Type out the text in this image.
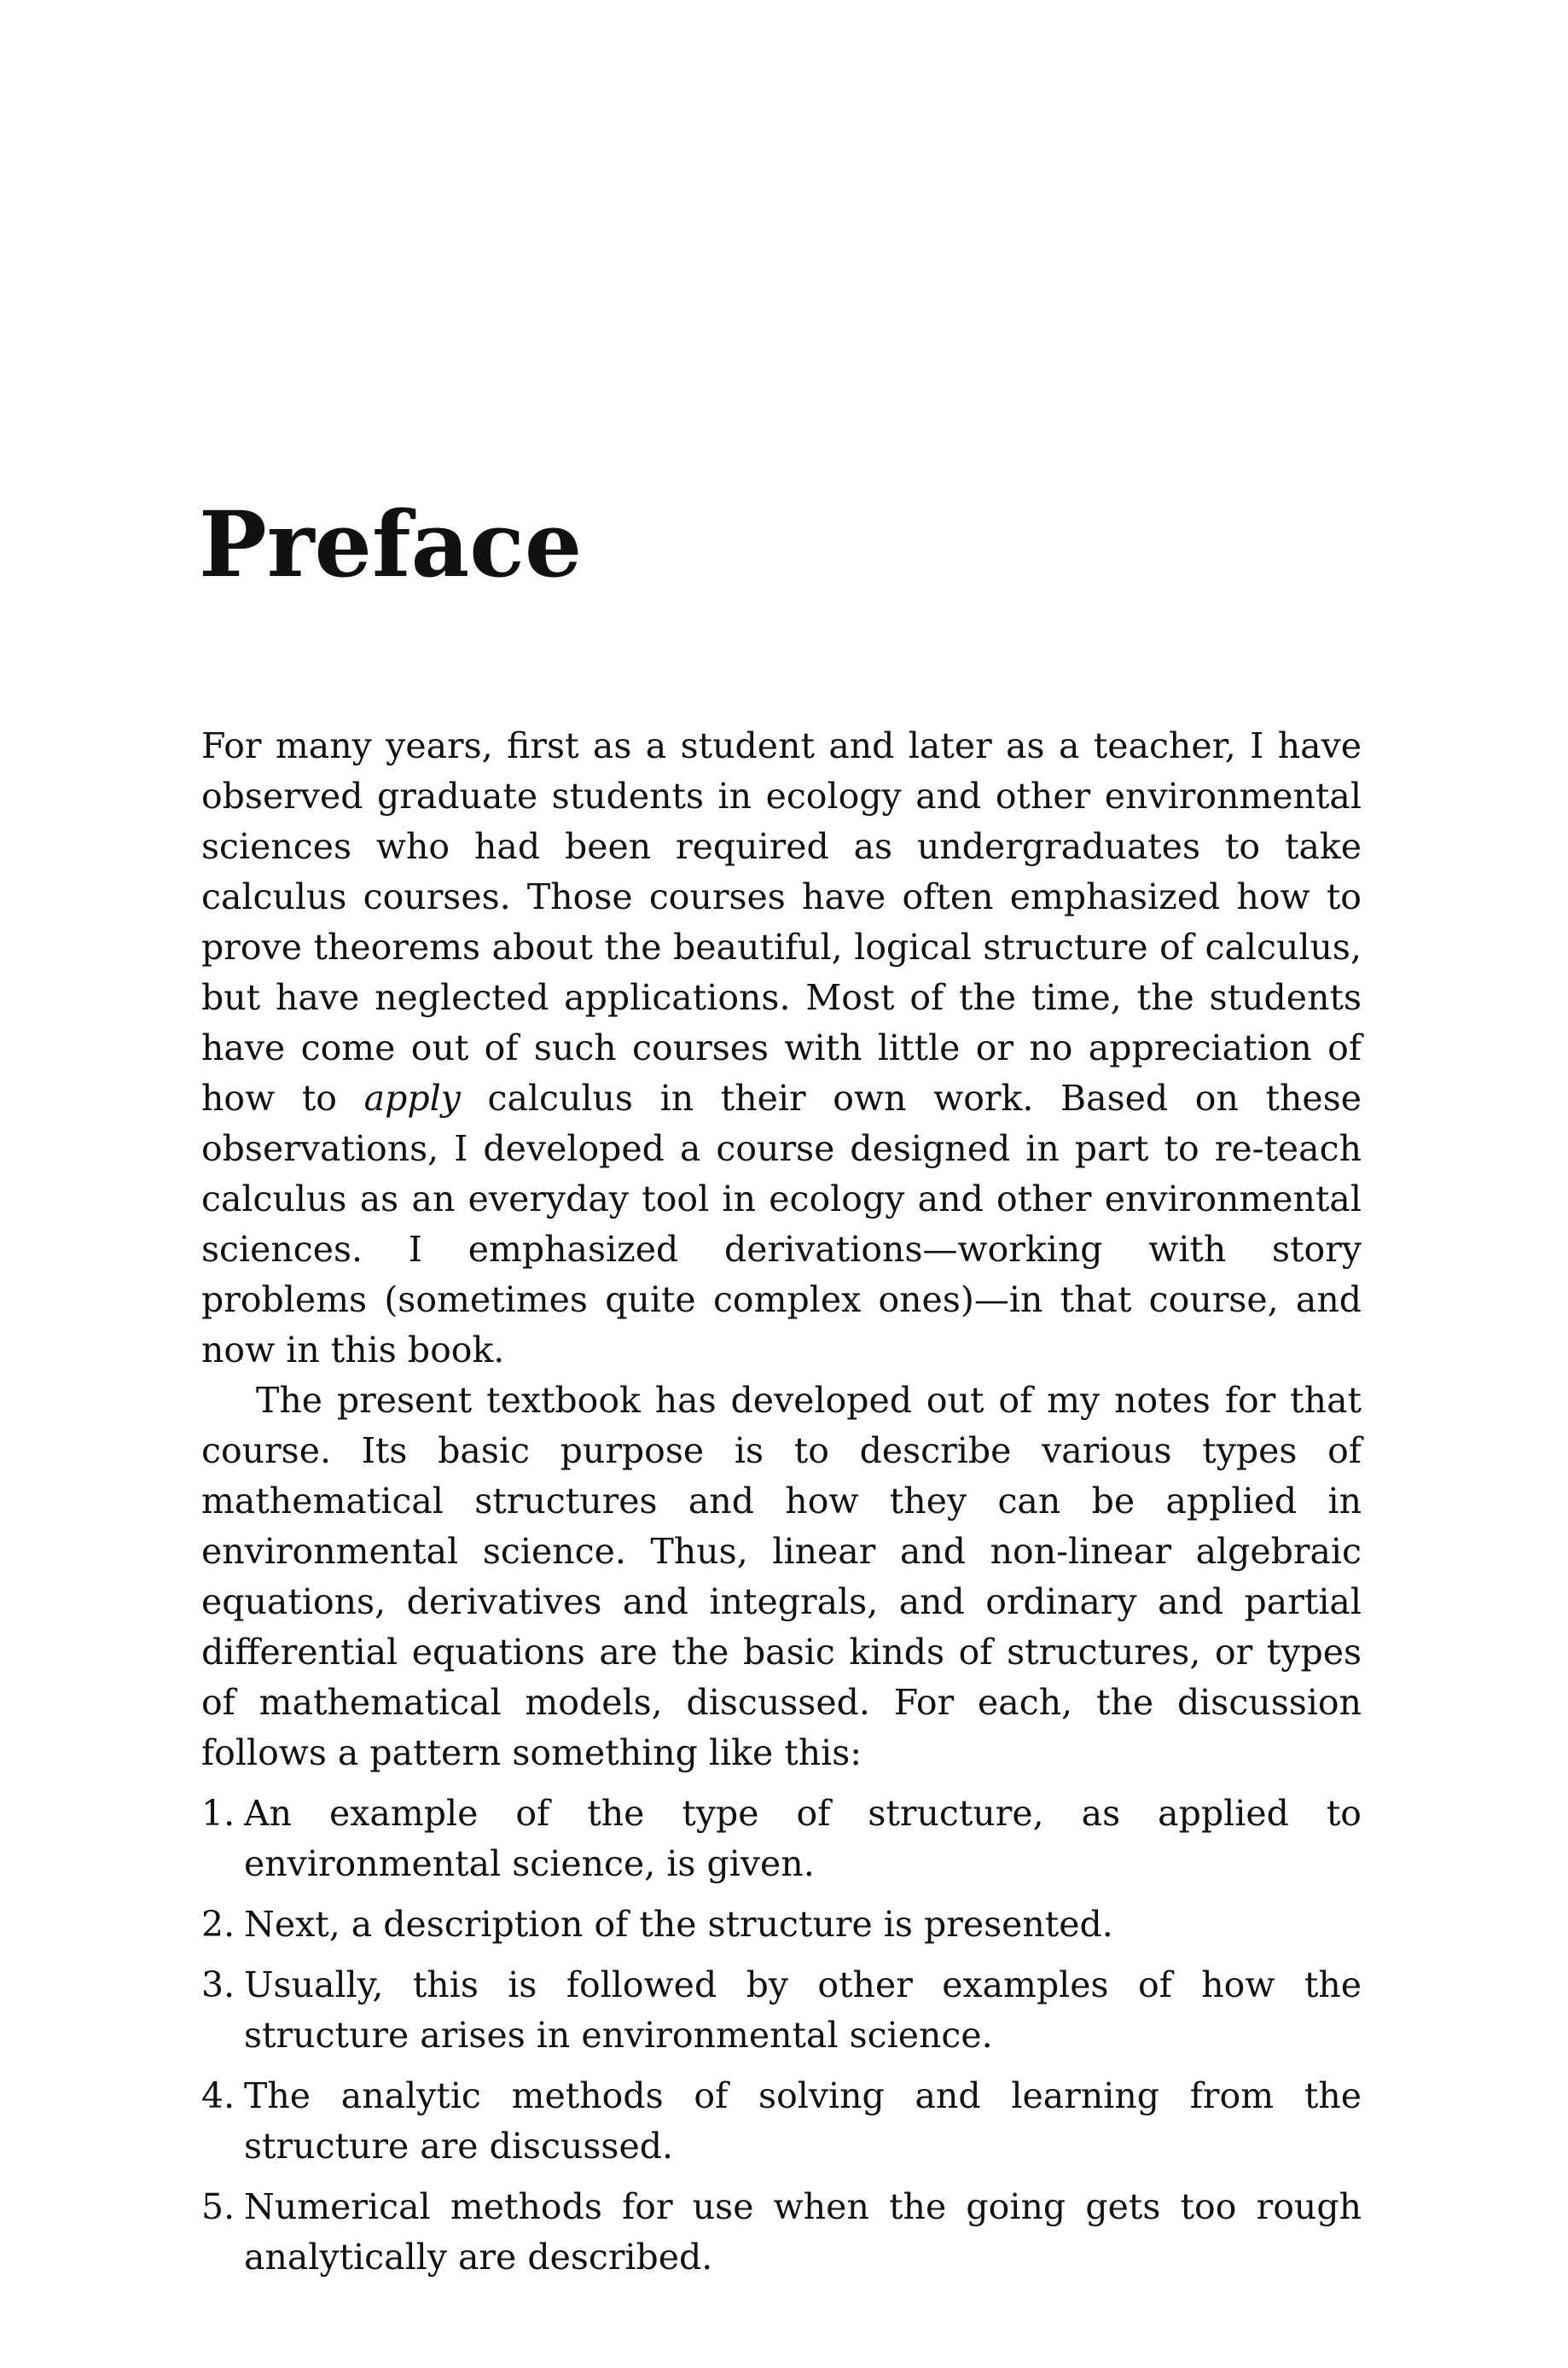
Preface

For many years, first as a student and later as a teacher, I have observed graduate students in ecology and other environmental sciences who had been required as undergraduates to take calculus courses. Those courses have often emphasized how to prove theorems about the beautiful, logical structure of calculus, but have neglected applications. Most of the time, the students have come out of such courses with little or no appreciation of how to apply calculus in their own work. Based on these observations, I developed a course designed in part to re-teach calculus as an everyday tool in ecology and other environmental sciences. I emphasized derivations—working with story problems (sometimes quite complex ones)—in that course, and now in this book.

The present textbook has developed out of my notes for that course. Its basic purpose is to describe various types of mathematical structures and how they can be applied in environmental science. Thus, linear and non-linear algebraic equations, derivatives and integrals, and ordinary and partial differential equations are the basic kinds of structures, or types of mathematical models, discussed. For each, the discussion follows a pattern something like this:

1. An example of the type of structure, as applied to environmental science, is given.
2. Next, a description of the structure is presented.
3. Usually, this is followed by other examples of how the structure arises in environmental science.
4. The analytic methods of solving and learning from the structure are discussed.
5. Numerical methods for use when the going gets too rough analytically are described.
